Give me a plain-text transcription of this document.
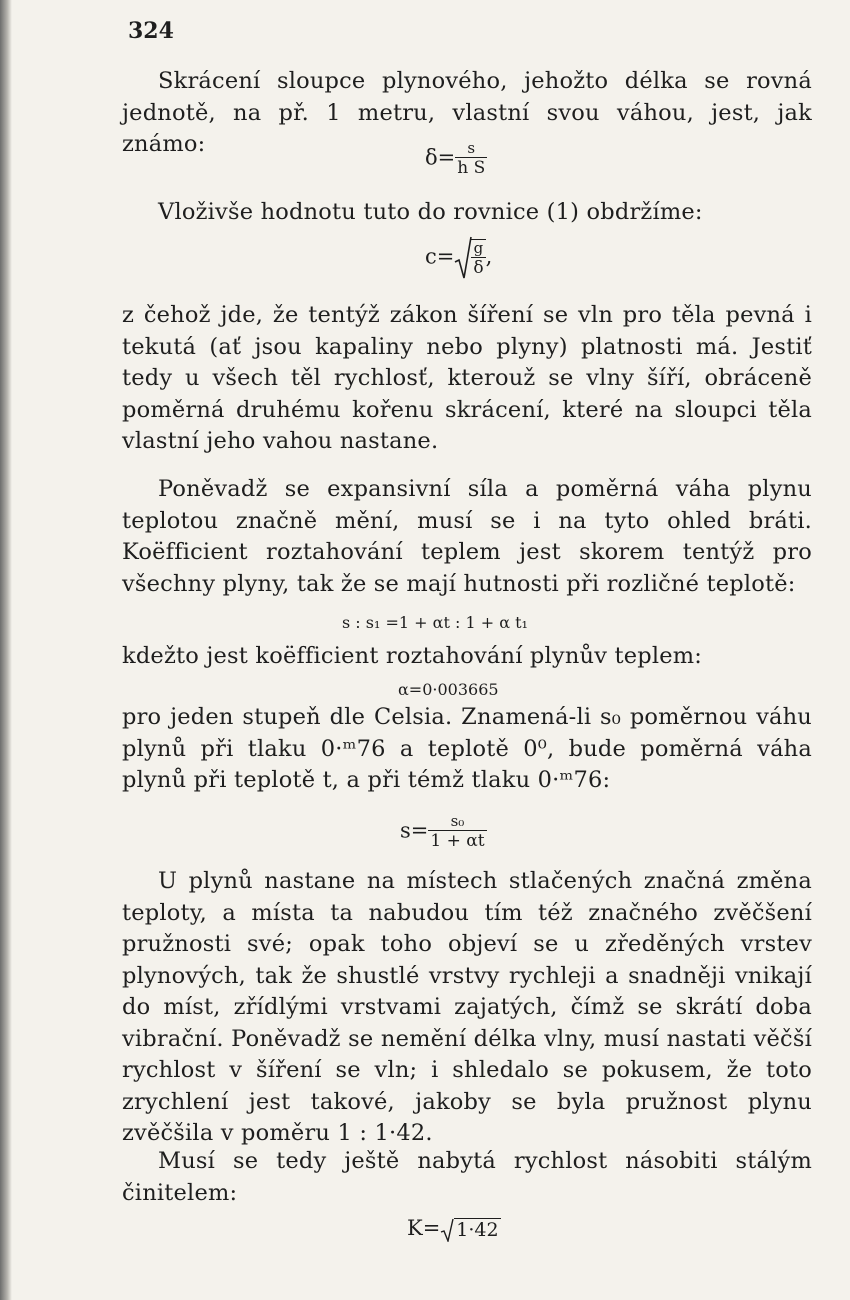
324

Skrácení sloupce plynového, jehožto délka se rovná jednotě, na př. 1 metru, vlastní svou váhou, jest, jak známo:

$\delta= \frac{s}{\text{h S}}$

Vloživše hodnotu tuto do rovnice (1) obdržíme:

$c= \frac{g}{\delta}$ ,

z čehož jde, že tentýž zákon šíření se vln pro těla pevná i tekutá (ať jsou kapaliny nebo plyny) platnosti má. Jestiť tedy u všech těl rychlosť, kterouž se vlny šíří, obráceně poměrná druhému kořenu skrácení, které na sloupci těla vlastní jeho vahou nastane.

Poněvadž se expansivní síla a poměrná váha plynu teplotou značně mění, musí se i na tyto ohled bráti. Koëfficient roztahování teplem jest skorem tentýž pro všechny plyny, tak že se mají hutnosti při rozličné teplotě:

s : s₁ =1 + αt : 1 + α t₁

kdežto jest koëfficient roztahování plynův teplem:

α=0·003665

pro jeden stupeň dle Celsia. Znamená-li s₀ poměrnou váhu plynů při tlaku 0·ᵐ76 a teplotě 0⁰, bude poměrná váha plynů při teplotě t, a při témž tlaku 0·ᵐ76:

$s= \frac{\text{s₀}}{1 + \alpha t}$

U plynů nastane na místech stlačených značná změna teploty, a místa ta nabudou tím též značného zvěčšení pružnosti své; opak toho objeví se u zředěných vrstev plynových, tak že shustlé vrstvy rychleji a snadněji vnikají do míst, zřídlými vrstvami zajatých, čímž se skrátí doba vibrační. Poněvadž se nemění délka vlny, musí nastati věčší rychlost v šíření se vln; i shledalo se pokusem, že toto zrychlení jest takové, jakoby se byla pružnost plynu zvěčšila v poměru 1 : 1·42.

Musí se tedy ještě nabytá rychlost násobiti stálým činitelem:

K= 1·42
